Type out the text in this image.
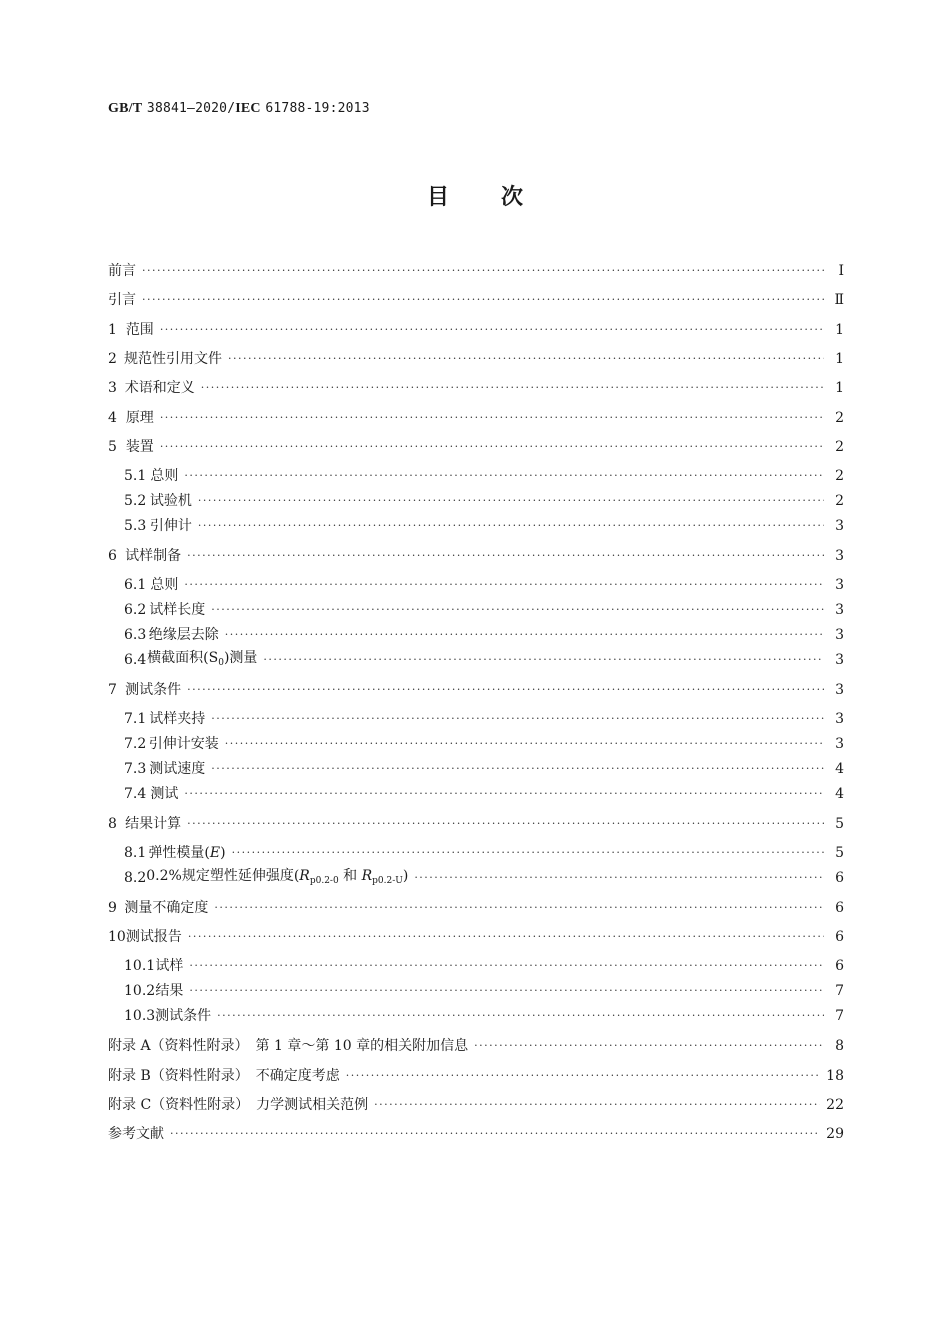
GB/T 38841—2020/IEC 61788-19:2013
目次
前言 ·····	Ⅰ
引言 ·····	Ⅱ
1 范围 ·····	1
2 规范性引用文件 ·····	1
3 术语和定义 ·····	1
4 原理 ·····	2
5 装置 ·····	2
5.1 总则 ·····	2
5.2 试验机 ·····	2
5.3 引伸计 ·····	3
6 试样制备 ·····	3
6.1 总则 ·····	3
6.2 试样长度 ·····	3
6.3 绝缘层去除 ·····	3
6.4 横截面积$(S_0)$测量 ·····	3
7 测试条件 ·····	3
7.1 试样夹持 ·····	3
7.2 引伸计安装 ·····	3
7.3 测试速度 ·····	4
7.4 测试 ·····	4
8 结果计算 ·····	5
8.1 弹性模量(E) ·····	5
8.2 0.2%规定塑性延伸强度($R_{p0.2-0}$ 和 $R_{p0.2-U}$) ·····	6
9 测量不确定度 ·····	6
10 测试报告 ·····	6
10.1 试样 ·····	6
10.2 结果 ·····	7
10.3 测试条件 ·····	7
附录 A（资料性附录）　第 1 章～第 10 章的相关附加信息 ·····	8
附录 B（资料性附录）　不确定度考虑 ·····	18
附录 C（资料性附录）　力学测试相关范例 ·····	22
参考文献 ·····	29
